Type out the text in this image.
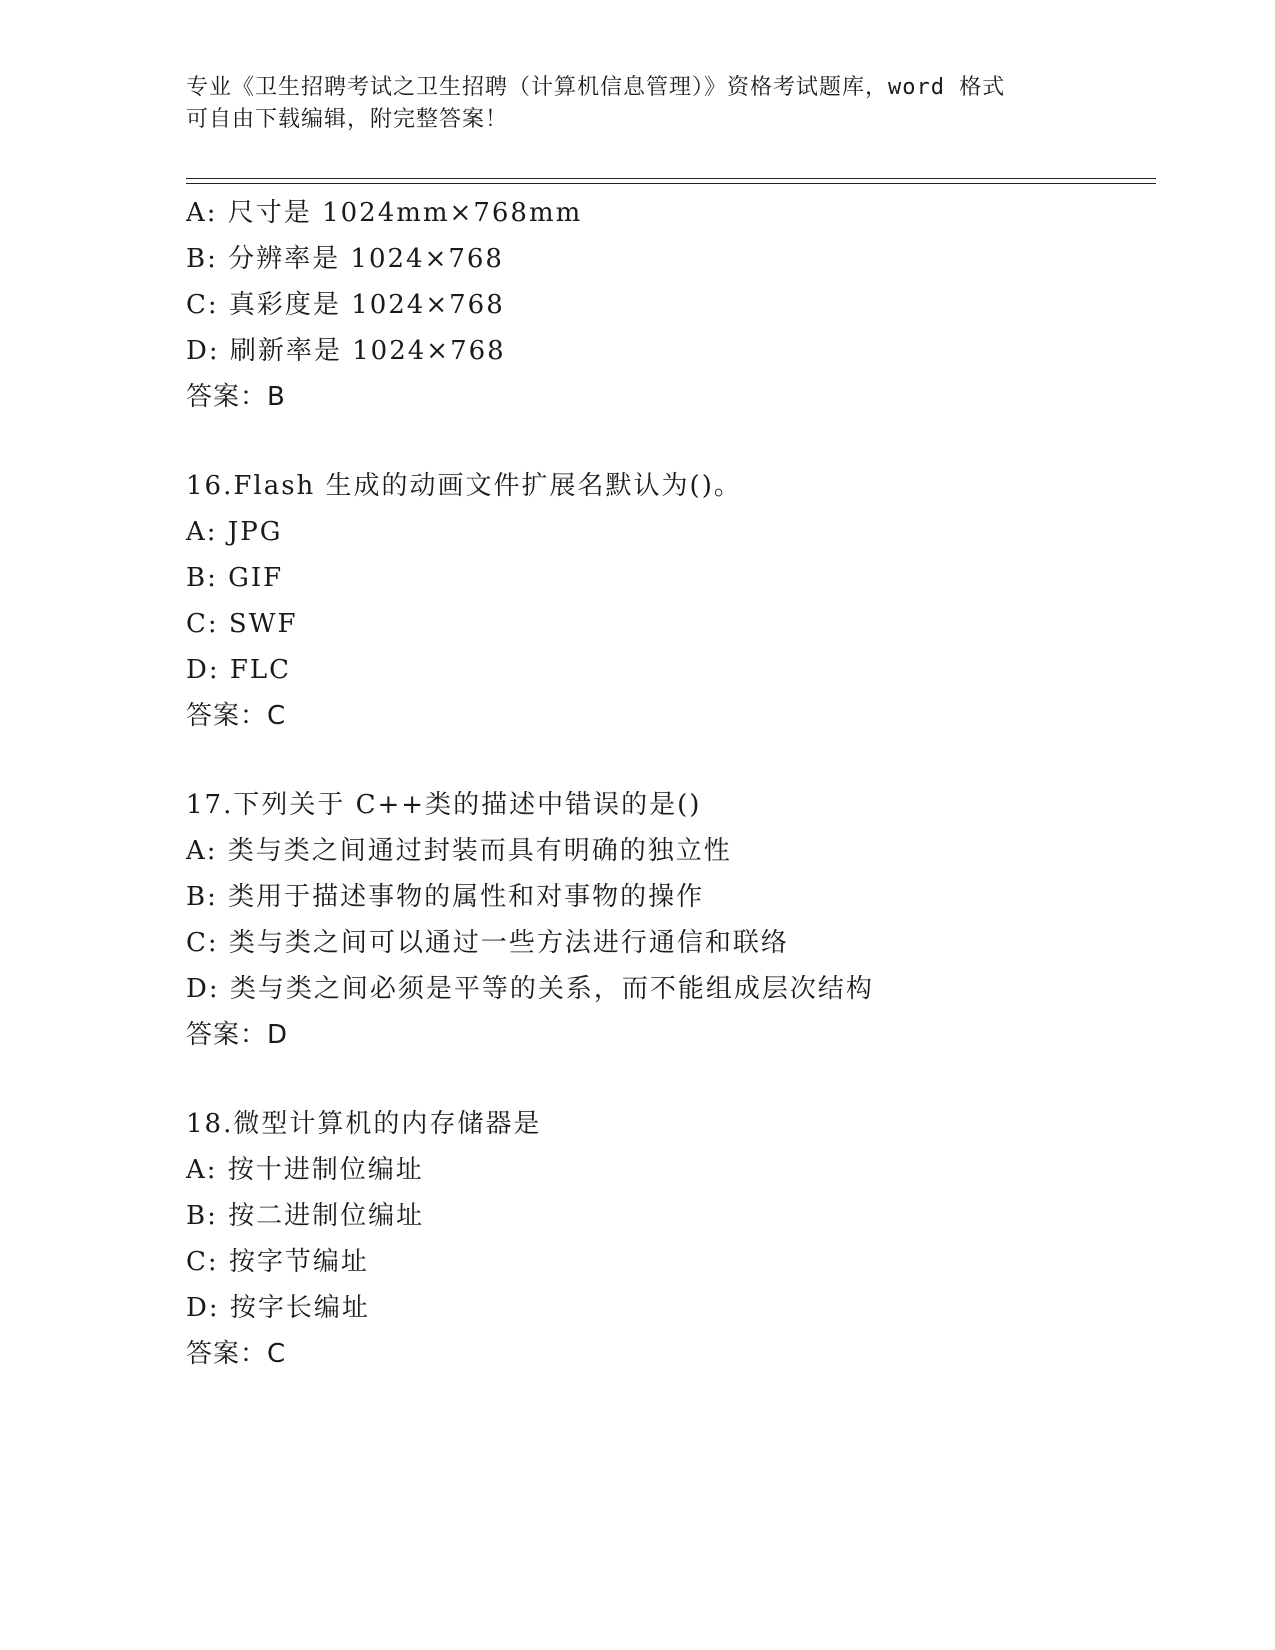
专业《卫生招聘考试之卫生招聘（计算机信息管理）》资格考试题库，word 格式
可自由下载编辑，附完整答案！
A: 尺寸是 1024mm×768mm
B: 分辨率是 1024×768
C: 真彩度是 1024×768
D: 刷新率是 1024×768
答案：B
16.Flash 生成的动画文件扩展名默认为()。
A: JPG
B: GIF
C: SWF
D: FLC
答案：C
17.下列关于 C++类的描述中错误的是()
A: 类与类之间通过封装而具有明确的独立性
B: 类用于描述事物的属性和对事物的操作
C: 类与类之间可以通过一些方法进行通信和联络
D: 类与类之间必须是平等的关系，而不能组成层次结构
答案：D
18.微型计算机的内存储器是
A: 按十进制位编址
B: 按二进制位编址
C: 按字节编址
D: 按字长编址
答案：C
